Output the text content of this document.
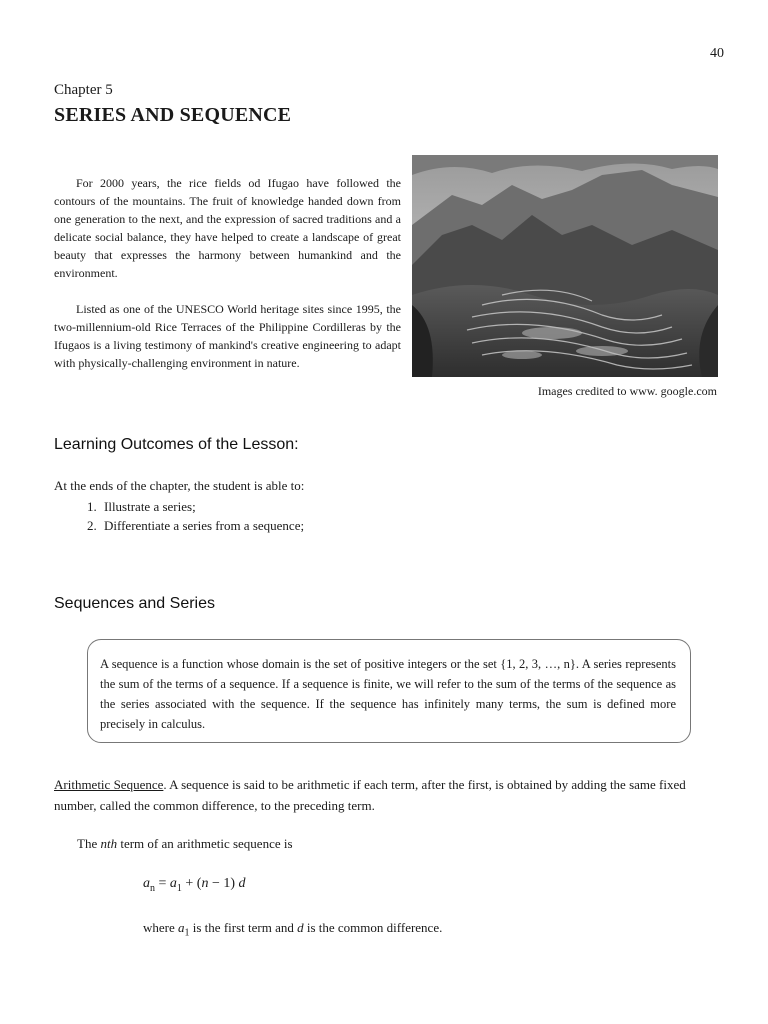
40
Chapter 5
SERIES AND SEQUENCE

For 2000 years, the rice fields od Ifugao have followed the contours of the mountains. The fruit of knowledge handed down from one generation to the next, and the expression of sacred traditions and a delicate social balance, they have helped to create a landscape of great beauty that expresses the harmony between humankind and the environment.

Listed as one of the UNESCO World heritage sites since 1995, the two-millennium-old Rice Terraces of the Philippine Cordilleras by the Ifugaos is a living testimony of mankind's creative engineering to adapt with physically-challenging environment in nature.

Images credited to www. google.com
Learning Outcomes of the Lesson:
At the ends of the chapter, the student is able to:
1. Illustrate a series;
2. Differentiate a series from a sequence;
Sequences and Series
A sequence is a function whose domain is the set of positive integers or the set {1, 2, 3, …, n}. A series represents the sum of the terms of a sequence. If a sequence is finite, we will refer to the sum of the terms of the sequence as the series associated with the sequence. If the sequence has infinitely many terms, the sum is defined more precisely in calculus.
Arithmetic Sequence. A sequence is said to be arithmetic if each term, after the first, is obtained by adding the same fixed number, called the common difference, to the preceding term.
The nth term of an arithmetic sequence is
$a_n = a_1 + (n - 1)$ d
where $a_1$ is the first term and d is the common difference.
